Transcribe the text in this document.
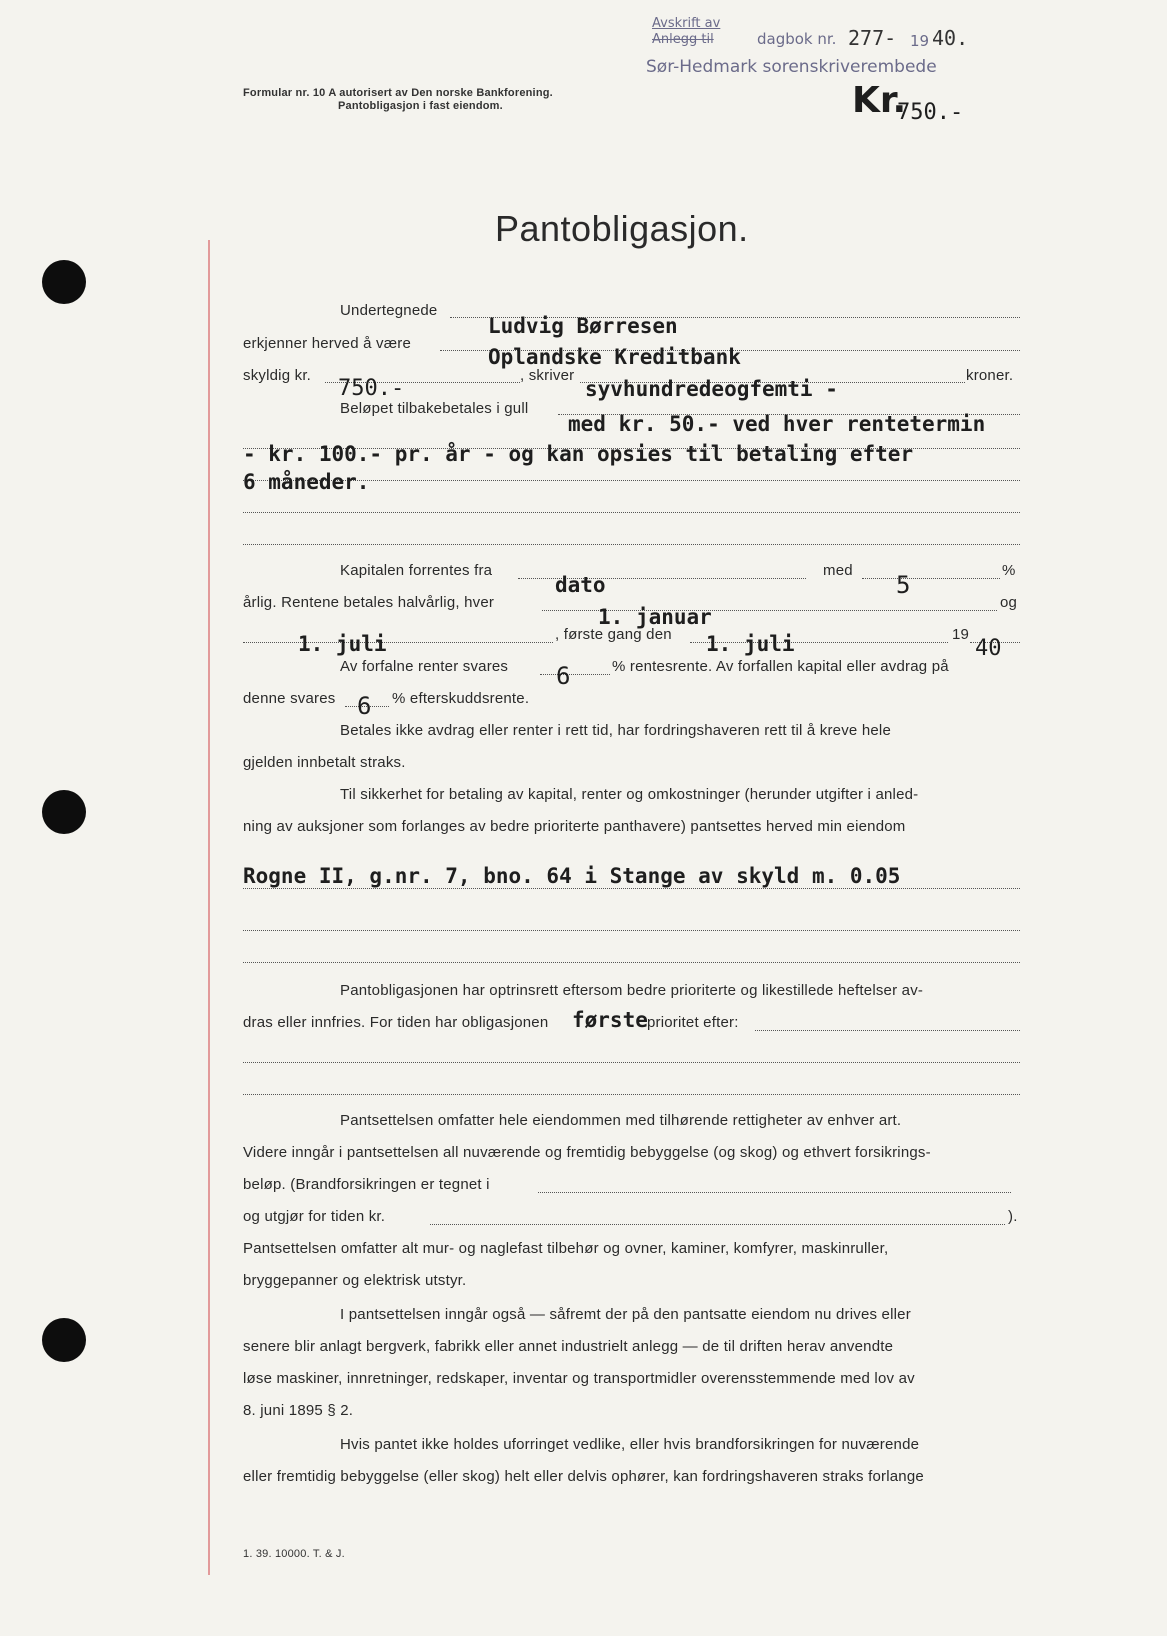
Avskrift av
Anlegg til	dagbok nr. 277- 19 40.
Sør-Hedmark sorenskriverembede
Kr.
750.-
Formular nr. 10 A autorisert av Den norske Bankforening.
Pantobligasjon i fast eiendom.
Pantobligasjon.
Undertegnede
Ludvig Børresen
erkjenner herved å være
Oplandske Kreditbank
skyldig kr.	, skriver	kroner.
750.-	syvhundredeogfemti -
Beløpet tilbakebetales i gull
med kr. 50.- ved hver rentetermin
- kr. 100.- pr. år - og kan opsies til betaling efter
6 måneder.
Kapitalen forrentes fra
dato
med
5
%
årlig. Rentene betales halvårlig, hver
1. januar
og
1. juli	, første gang den 1. juli	19
40
Av forfalne renter svares 6	% rentesrente. Av forfallen kapital eller avdrag på
denne svares 6 % efterskuddsrente.
Betales ikke avdrag eller renter i rett tid, har fordringshaveren rett til å kreve hele
gjelden innbetalt straks.
Til sikkerhet for betaling av kapital, renter og omkostninger (herunder utgifter i anled-
ning av auksjoner som forlanges av bedre prioriterte panthavere) pantsettes herved min eiendom
Rogne II, g.nr. 7, bno. 64 i Stange av skyld m. 0.05
Pantobligasjonen har optrinsrett eftersom bedre prioriterte og likestillede heftelser av-
dras eller innfries. For tiden har obligasjonen første prioritet efter:
Pantsettelsen omfatter hele eiendommen med tilhørende rettigheter av enhver art.
Videre inngår i pantsettelsen all nuværende og fremtidig bebyggelse (og skog) og ethvert forsikrings-
beløp. (Brandforsikringen er tegnet i
og utgjør for tiden kr.	).
Pantsettelsen omfatter alt mur- og naglefast tilbehør og ovner, kaminer, komfyrer, maskinruller,
bryggepanner og elektrisk utstyr.
I pantsettelsen inngår også — såfremt der på den pantsatte eiendom nu drives eller
senere blir anlagt bergverk, fabrikk eller annet industrielt anlegg — de til driften herav anvendte
løse maskiner, innretninger, redskaper, inventar og transportmidler overensstemmende med lov av
8. juni 1895 § 2.
Hvis pantet ikke holdes uforringet vedlike, eller hvis brandforsikringen for nuværende
eller fremtidig bebyggelse (eller skog) helt eller delvis ophører, kan fordringshaveren straks forlange
1. 39. 10000. T. & J.
